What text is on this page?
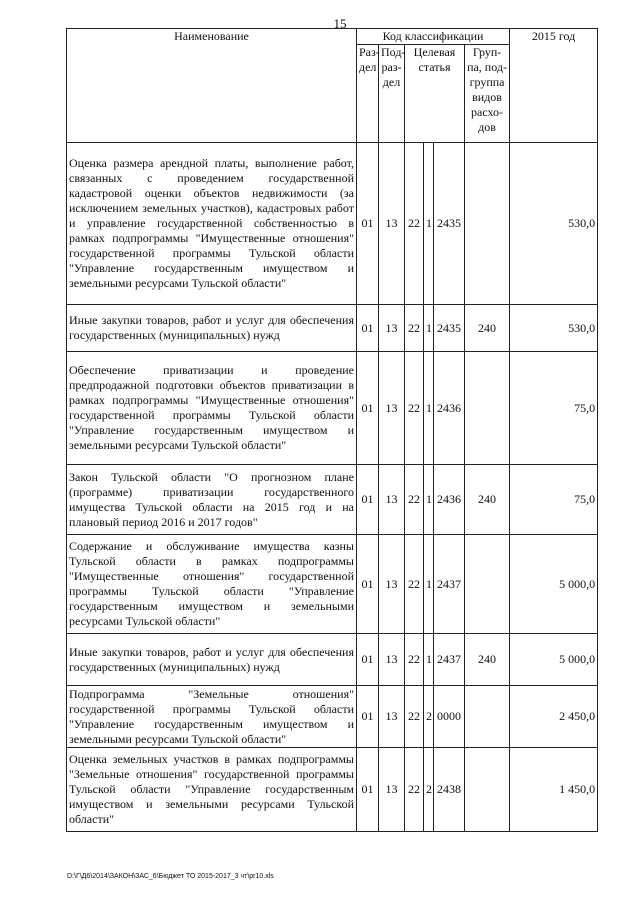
15
Наименование	Код классификации						2015 год
	Раз-дел	Под-раз-дел	Целевая статья			Груп-па, под-группа видов расхо-дов	
Оценка размера арендной платы, выполнение работ, связанных с проведением государственной кадастровой оценки объектов недвижимости (за исключением земельных участков), кадастровых работ и управление государственной собственностью в рамках подпрограммы "Имущественные отношения" государственной программы Тульской области "Управление государственным имуществом и земельными ресурсами Тульской области"	01	13	22	1	2435		530,0
Иные закупки товаров, работ и услуг для обеспечения государственных (муниципальных) нужд	01	13	22	1	2435	240	530,0
Обеспечение приватизации и проведение предпродажной подготовки объектов приватизации в рамках подпрограммы "Имущественные отношения" государственной программы Тульской области "Управление государственным имуществом и земельными ресурсами Тульской области"	01	13	22	1	2436		75,0
Закон Тульской области "О прогнозном плане (программе) приватизации государственного имущества Тульской области на 2015 год и на плановый период 2016 и 2017 годов"	01	13	22	1	2436	240	75,0
Содержание и обслуживание имущества казны Тульской области в рамках подпрограммы "Имущественные отношения" государственной программы Тульской области "Управление государственным имуществом и земельными ресурсами Тульской области"	01	13	22	1	2437		5 000,0
Иные закупки товаров, работ и услуг для обеспечения государственных (муниципальных) нужд	01	13	22	1	2437	240	5 000,0
Подпрограмма "Земельные отношения" государственной программы Тульской области "Управление государственным имуществом и земельными ресурсами Тульской области"	01	13	22	2	0000		2 450,0
Оценка земельных участков в рамках подпрограммы "Земельные отношения" государственной программы Тульской области "Управление государственным имуществом и земельными ресурсами Тульской области"	01	13	22	2	2438		1 450,0
D:\Г\Д6\2014\ЗАКОН\ЗАС_6\Бюджет ТО 2015-2017_3 чт\pr10.xls
